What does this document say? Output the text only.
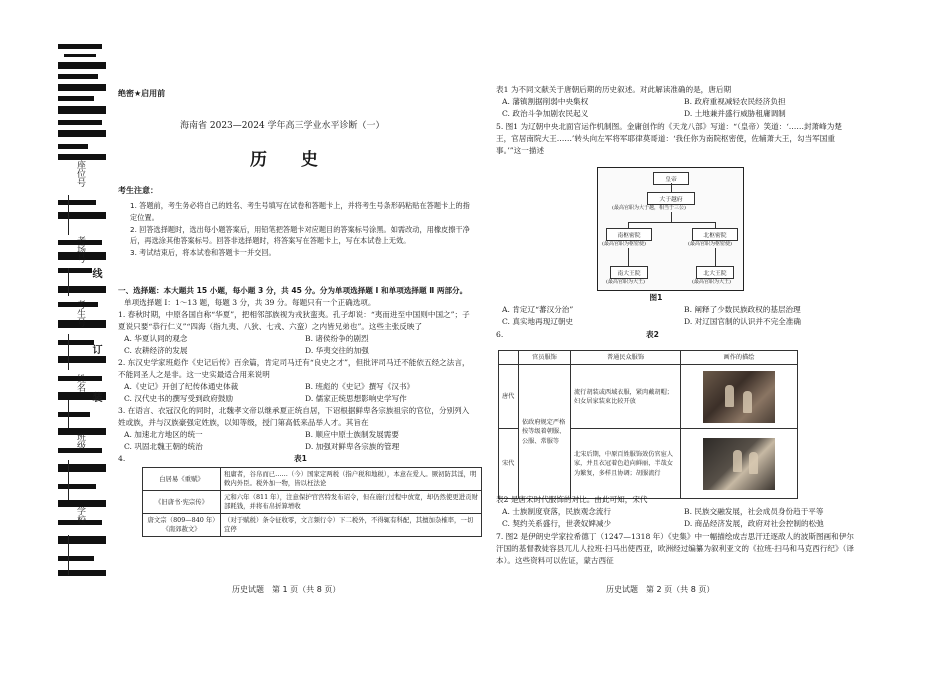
座位号
考场号
考生号
姓名
班级
学校
装
订
线
绝密★启用前
海南省 2023—2024 学年高三学业水平诊断（一）
历 史
考生注意：

1. 答题前，考生务必将自己的姓名、考生号填写在试卷和答题卡上，并将考生号条形码粘贴在答题卡上的指定位置。

2. 回答选择题时，选出每小题答案后，用铅笔把答题卡对应题目的答案标号涂黑。如需改动，用橡皮擦干净后，再选涂其他答案标号。回答非选择题时，将答案写在答题卡上，写在本试卷上无效。

3. 考试结束后，将本试卷和答题卡一并交回。

一、选择题：本大题共 15 小题，每小题 3 分，共 45 分。分为单项选择题 Ⅰ 和单项选择题 Ⅱ 两部分。

单项选择题 Ⅰ：1～13 题，每题 3 分，共 39 分。每题只有一个正确选项。

1. 春秋时期，中原各国自称“华夏”，把相邻部族视为戎狄蛮夷。孔子却说：“夷而进至中国则中国之”；子夏说只要“恭行仁义”“四海（指九夷、八狄、七戎、六蛮）之内皆兄弟也”。这些主张反映了

A. 华夏认同的观念	B. 诸侯纷争的剧烈
C. 农耕经济的发展	D. 华夷交往的加强

2. 东汉史学家班彪作《史记后传》百余篇，肯定司马迁有“良史之才”，但批评司马迁不能依五经之法言，不能同圣人之是非。这一史实最适合用来说明

A.《史记》开创了纪传体通史体裁	B. 班彪的《史记》撰写《汉书》
C. 汉代史书的撰写受到政府鼓励	D. 儒家正统思想影响史学写作

3. 在语言、衣冠汉化的同时，北魏孝文帝以继承夏正统自居，下诏根据鲜卑各宗族祖宗的官位，分别列入姓或族，并与汉族豪强定姓族，以知等级，授门第高低来品举人才。其旨在

A. 加速北方地区的统一	B. 顺应中原士族制发展需要
C. 巩固北魏王朝的统治	D. 加强对鲜卑各宗族的管理
4.	表1
白居易《重赋》	租庸者，谷帛而已……（今）国家定两税（指户税和地税），本意在爱人。厥初防其淫，明敕内外臣。税外加一物，皆以枉法论
《旧唐书·宪宗传》	元和六年（811 年），注意保护官宫特发布诏令，但在施行过程中放宽，却仍然使更进贡财部耗钱，并将布帛折算增收
唐文宗（809—840 年）《南郊赦文》	（对于赋税）条令征收零，文言频行令）下二税外，不得辄有科配，其擅加杂榷率，一切宜停
历史试题　第 1 页（共 8 页）

表1 为不同文献关于唐朝后期的历史叙述。对此解读准确的是，唐后期

A. 藩镇割据削弱中央集权	B. 政府重视减轻农民经济负担
C. 政治斗争加剧农民起义	D. 土地兼并盛行威胁租庸调制

5. 图1 为辽朝中央北面官运作机制图。金庸创作的《天龙八部》写道：“（皇帝）笑道：‘……封萧峰为楚王，官居南院大王……’转头向左军将军耶律莫哥道：‘我任你为南院枢密使，佐辅萧大王，勾当军国重事。’”这一描述

皇帝
大于越府
(最高官职为大于越，相当于三公)
南枢密院	北枢密院
(最高官职为枢密使)	(最高官职为枢密使)
南大王院	北大王院
(最高官职为大王)	(最高官职为大王)

图1

A. 肯定辽“蕃汉分治”	B. 阐释了少数民族政权的基层治理
C. 真实地再现辽朝史	D. 对辽国官制的认识并不完全准确
6.	表2
	官员服饰	普通民众服饰	画作的描绘
唐代	依政府规定严格按等级着朝服、公服、常服等	流行胡装或西域衣服，紧肉戴胡帽；妇女居家装束比较开放	

宋代		北宋后期，中原百姓服饰效仿官宦人家，并且衣冠着色趋向鲜丽，半哉女为繁复，多样且协调；胡服流行	

表2 是唐宋时代服饰的对比。由此可知，宋代

A. 士族制度衰落，民族观念流行	B. 民族交融发展，社会成员身份趋于平等
C. 契约关系盛行，世袭奴婢减少	D. 商品经济发展，政府对社会控制的松弛

7. 图2 是伊朗史学家拉希德丁（1247—1318 年）《史集》中一幅描绘成吉思汗迁逐敌人的波斯图画和伊尔汗国的基督教徒容县兀儿人拉班·扫马出使西亚，欧洲经过编纂为叙利亚文的《拉班·扫马和马克西行纪》（译本）。这些资料可以佐证，蒙古西征

历史试题　第 2 页（共 8 页）
